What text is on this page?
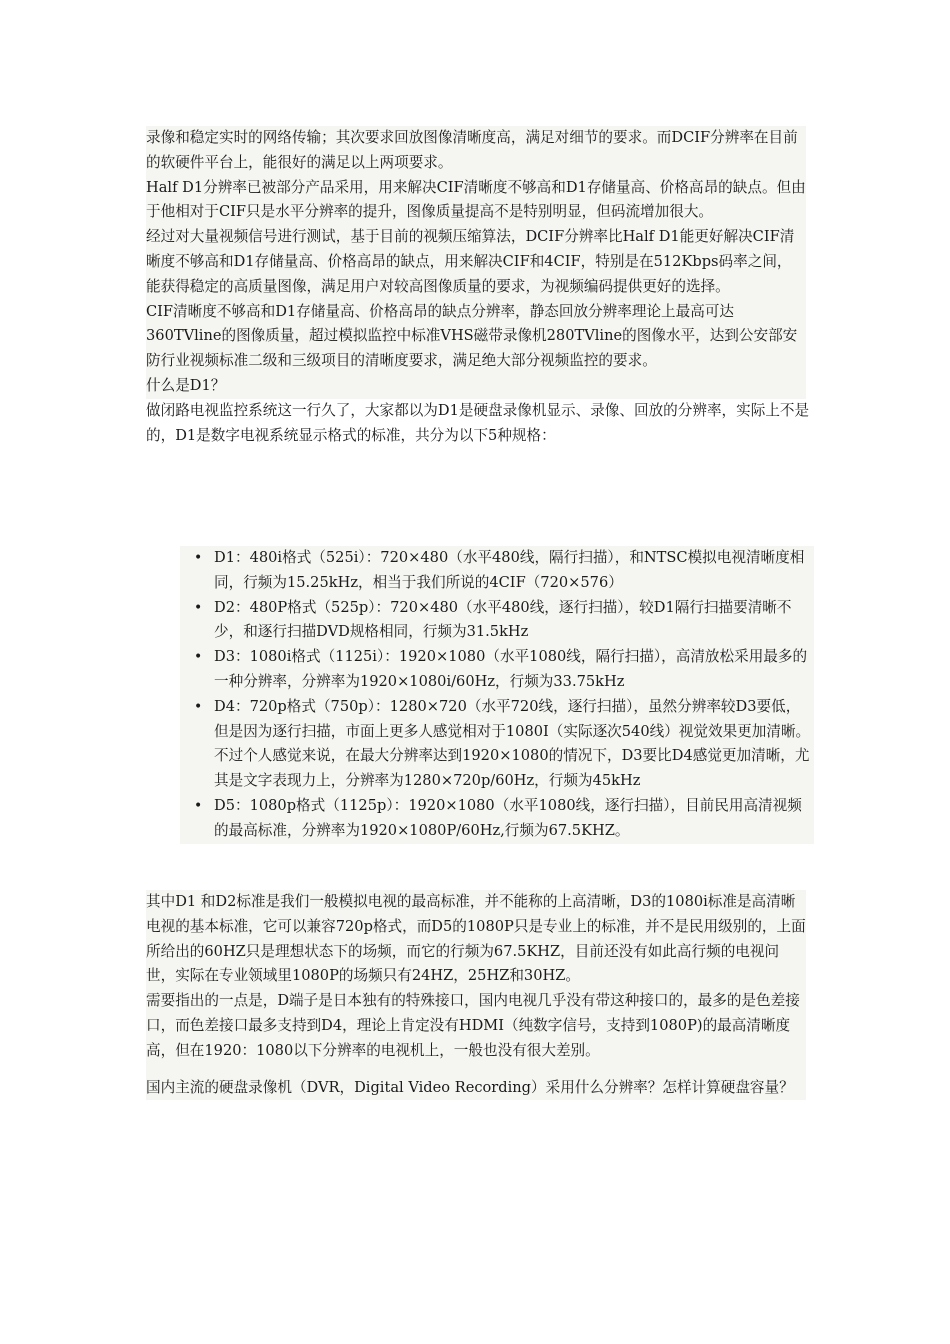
录像和稳定实时的网络传输；其次要求回放图像清晰度高，满足对细节的要求。而DCIF分辨率在目前的软硬件平台上，能很好的满足以上两项要求。

Half D1分辨率已被部分产品采用，用来解决CIF清晰度不够高和D1存储量高、价格高昂的缺点。但由于他相对于CIF只是水平分辨率的提升，图像质量提高不是特别明显，但码流增加很大。

经过对大量视频信号进行测试，基于目前的视频压缩算法，DCIF分辨率比Half D1能更好解决CIF清晰度不够高和D1存储量高、价格高昂的缺点，用来解决CIF和4CIF，特别是在512Kbps码率之间，能获得稳定的高质量图像，满足用户对较高图像质量的要求，为视频编码提供更好的选择。

CIF清晰度不够高和D1存储量高、价格高昂的缺点分辨率，静态回放分辨率理论上最高可达360TVline的图像质量，超过模拟监控中标准VHS磁带录像机280TVline的图像水平，达到公安部安防行业视频标准二级和三级项目的清晰度要求，满足绝大部分视频监控的要求。

什么是D1？

做闭路电视监控系统这一行久了，大家都以为D1是硬盘录像机显示、录像、回放的分辨率，实际上不是的，D1是数字电视系统显示格式的标准，共分为以下5种规格：

• D1：480i格式（525i）：720×480（水平480线，隔行扫描），和NTSC模拟电视清晰度相同，行频为15.25kHz，相当于我们所说的4CIF（720×576）
• D2：480P格式（525p）：720×480（水平480线，逐行扫描），较D1隔行扫描要清晰不少，和逐行扫描DVD规格相同，行频为31.5kHz
• D3：1080i格式（1125i）：1920×1080（水平1080线，隔行扫描），高清放松采用最多的一种分辨率，分辨率为1920×1080i/60Hz，行频为33.75kHz
• D4：720p格式（750p）：1280×720（水平720线，逐行扫描），虽然分辨率较D3要低，但是因为逐行扫描，市面上更多人感觉相对于1080I（实际逐次540线）视觉效果更加清晰。不过个人感觉来说，在最大分辨率达到1920×1080的情况下，D3要比D4感觉更加清晰，尤其是文字表现力上，分辨率为1280×720p/60Hz，行频为45kHz
• D5：1080p格式（1125p）：1920×1080（水平1080线，逐行扫描），目前民用高清视频的最高标准，分辨率为1920×1080P/60Hz,行频为67.5KHZ。

其中D1 和D2标准是我们一般模拟电视的最高标准，并不能称的上高清晰，D3的1080i标准是高清晰电视的基本标准，它可以兼容720p格式，而D5的1080P只是专业上的标准，并不是民用级别的，上面所给出的60HZ只是理想状态下的场频，而它的行频为67.5KHZ，目前还没有如此高行频的电视问世，实际在专业领域里1080P的场频只有24HZ，25HZ和30HZ。

需要指出的一点是，D端子是日本独有的特殊接口，国内电视几乎没有带这种接口的，最多的是色差接口，而色差接口最多支持到D4，理论上肯定没有HDMI（纯数字信号，支持到1080P)的最高清晰度高，但在1920：1080以下分辨率的电视机上，一般也没有很大差别。

国内主流的硬盘录像机（DVR，Digital Video Recording）采用什么分辨率？怎样计算硬盘容量？
